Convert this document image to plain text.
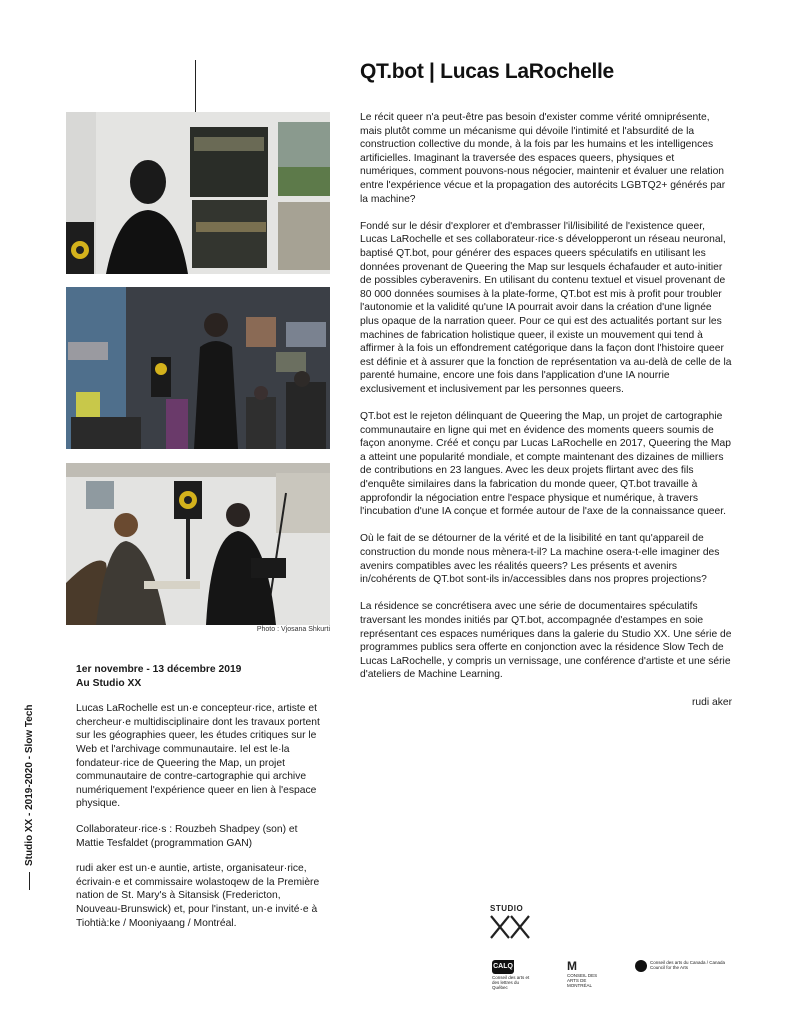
Photo : Vjosana Shkurti
Studio XX - 2019-2020 - Slow Tech

1er novembre - 13 décembre 2019
Au Studio XX

Lucas LaRochelle est un·e concepteur·rice, artiste et chercheur·e multidisciplinaire dont les travaux portent sur les géographies queer, les études critiques sur le Web et l'archivage communautaire. Iel est le·la fondateur·rice de Queering the Map, un projet communautaire de contre-cartographie qui archive numériquement l'expérience queer en lien à l'espace physique.

Collaborateur·rice·s : Rouzbeh Shadpey (son) et Mattie Tesfaldet (programmation GAN)

rudi aker est un·e auntie, artiste, organisateur·rice, écrivain·e et commissaire wolastoqew de la Première nation de St. Mary's à Sitansisk (Fredericton, Nouveau-Brunswick) et, pour l'instant, un·e invité·e à Tiohtià:ke / Mooniyaang / Montréal.

QT.bot | Lucas LaRochelle

Le récit queer n'a peut-être pas besoin d'exister comme vérité omniprésente, mais plutôt comme un mécanisme qui dévoile l'intimité et l'absurdité de la construction collective du monde, à la fois par les humains et les intelligences artificielles. Imaginant la traversée des espaces queers, physiques et numériques, comment pouvons-nous négocier, maintenir et évaluer une relation entre l'expérience vécue et la propagation des autorécits LGBTQ2+ générés par la machine?

Fondé sur le désir d'explorer et d'embrasser l'il/lisibilité de l'existence queer, Lucas LaRochelle et ses collaborateur·rice·s développeront un réseau neuronal, baptisé QT.bot, pour générer des espaces queers spéculatifs en utilisant les données provenant de Queering the Map sur lesquels échafauder et auto-initier de possibles cyberavenirs. En utilisant du contenu textuel et visuel provenant de 80 000 données soumises à la plate-forme, QT.bot est mis à profit pour troubler l'autonomie et la validité qu'une IA pourrait avoir dans la création d'une lignée plus opaque de la narration queer. Pour ce qui est des actualités portant sur les machines de fabrication holistique queer, il existe un mouvement qui tend à affirmer à la fois un effondrement catégorique dans la façon dont l'histoire queer est définie et à assurer que la fonction de représentation va au-delà de celle de la parenté humaine, encore une fois dans l'application d'une IA nourrie exclusivement et inclusivement par les personnes queers.

QT.bot est le rejeton délinquant de Queering the Map, un projet de cartographie communautaire en ligne qui met en évidence des moments queers soumis de façon anonyme. Créé et conçu par Lucas LaRochelle en 2017, Queering the Map a atteint une popularité mondiale, et compte maintenant des dizaines de milliers de contributions en 23 langues. Avec les deux projets flirtant avec des fils d'enquête similaires dans la fabrication du monde queer, QT.bot travaille à approfondir la négociation entre l'espace physique et numérique, à travers l'incubation d'une IA conçue et formée autour de l'axe de la connaissance queer.

Où le fait de se détourner de la vérité et de la lisibilité en tant qu'appareil de construction du monde nous mènera-t-il? La machine osera-t-elle imaginer des avenirs compatibles avec les réalités queers? Les présents et avenirs in/cohérents de QT.bot sont-ils in/accessibles dans nos propres projections?

La résidence se concrétisera avec une série de documentaires spéculatifs traversant les mondes initiés par QT.bot, accompagnée d'estampes en soie représentant ces espaces numériques dans la galerie du Studio XX. Une série de programmes publics sera offerte en conjonction avec la résidence Slow Tech de Lucas LaRochelle, y compris un vernissage, une conférence d'artiste et une série d'ateliers de Machine Learning.

rudi aker

STUDIO
CALQ
Conseil des arts et des lettres du Québec
M
CONSEIL DES ARTS DE MONTRÉAL
Conseil des arts du Canada / Canada Council for the Arts
